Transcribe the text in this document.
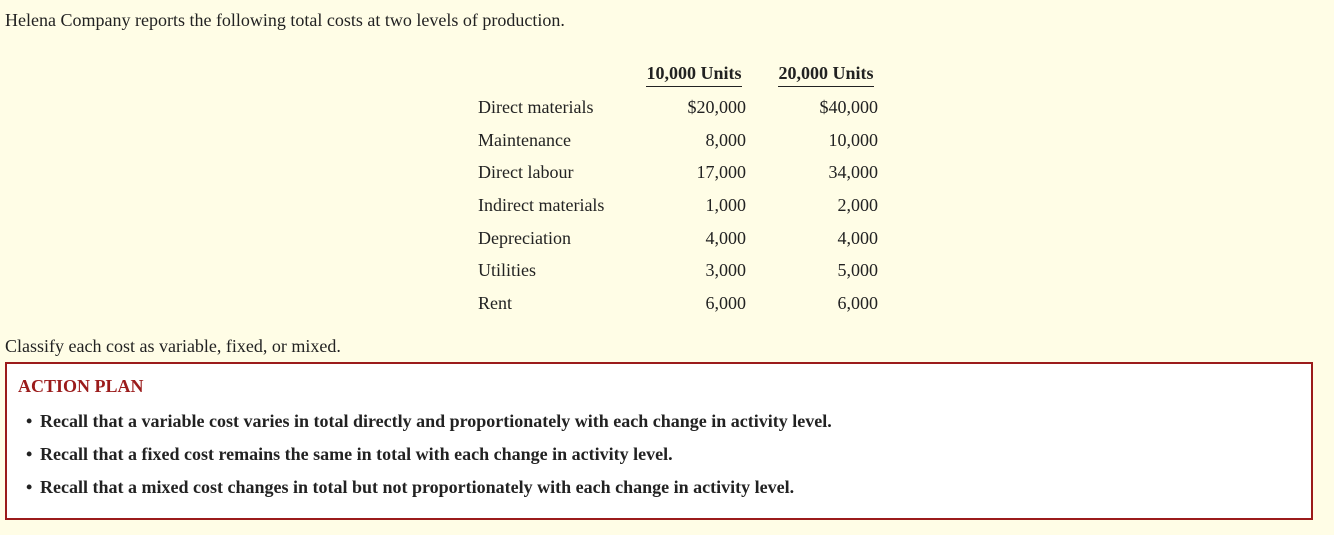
Helena Company reports the following total costs at two levels of production.

	10,000 Units	20,000 Units
Direct materials	$20,000	$40,000
Maintenance	8,000	10,000
Direct labour	17,000	34,000
Indirect materials	1,000	2,000
Depreciation	4,000	4,000
Utilities	3,000	5,000
Rent	6,000	6,000

Classify each cost as variable, fixed, or mixed.

ACTION PLAN
• Recall that a variable cost varies in total directly and proportionately with each change in activity level.
• Recall that a fixed cost remains the same in total with each change in activity level.
• Recall that a mixed cost changes in total but not proportionately with each change in activity level.
